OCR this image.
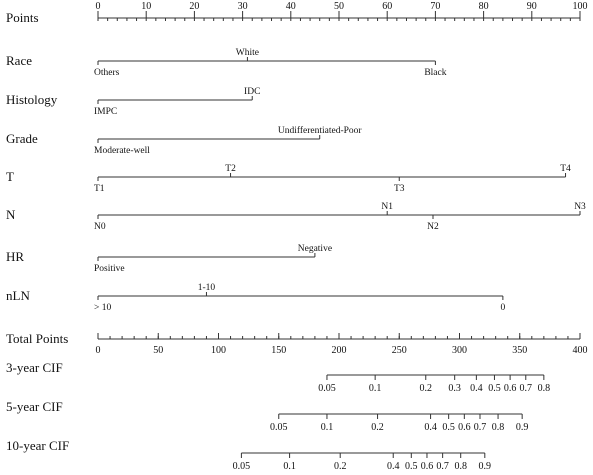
Points
0	10	20	30	40	50	60	70	80	90	100
Race
Others
White
Black
Histology
IMPC
IDC
Grade
Moderate-well
Undifferentiated-Poor
T
T1
T2
T3
T4
N
N0
N1
N2
N3
HR
Positive
Negative
nLN
> 10
1-10
0
Total Points
0	50	100	150	200	250	300	350	400
3-year CIF
0.05	0.1	0.2 0.3 0.4 0.5 0.6 0.7 0.8
5-year CIF
0.05	0.1	0.2	0.4 0.5 0.6 0.7 0.8 0.9
10-year CIF
0.05	0.1	0.2	0.4 0.5 0.6 0.7 0.8 0.9
